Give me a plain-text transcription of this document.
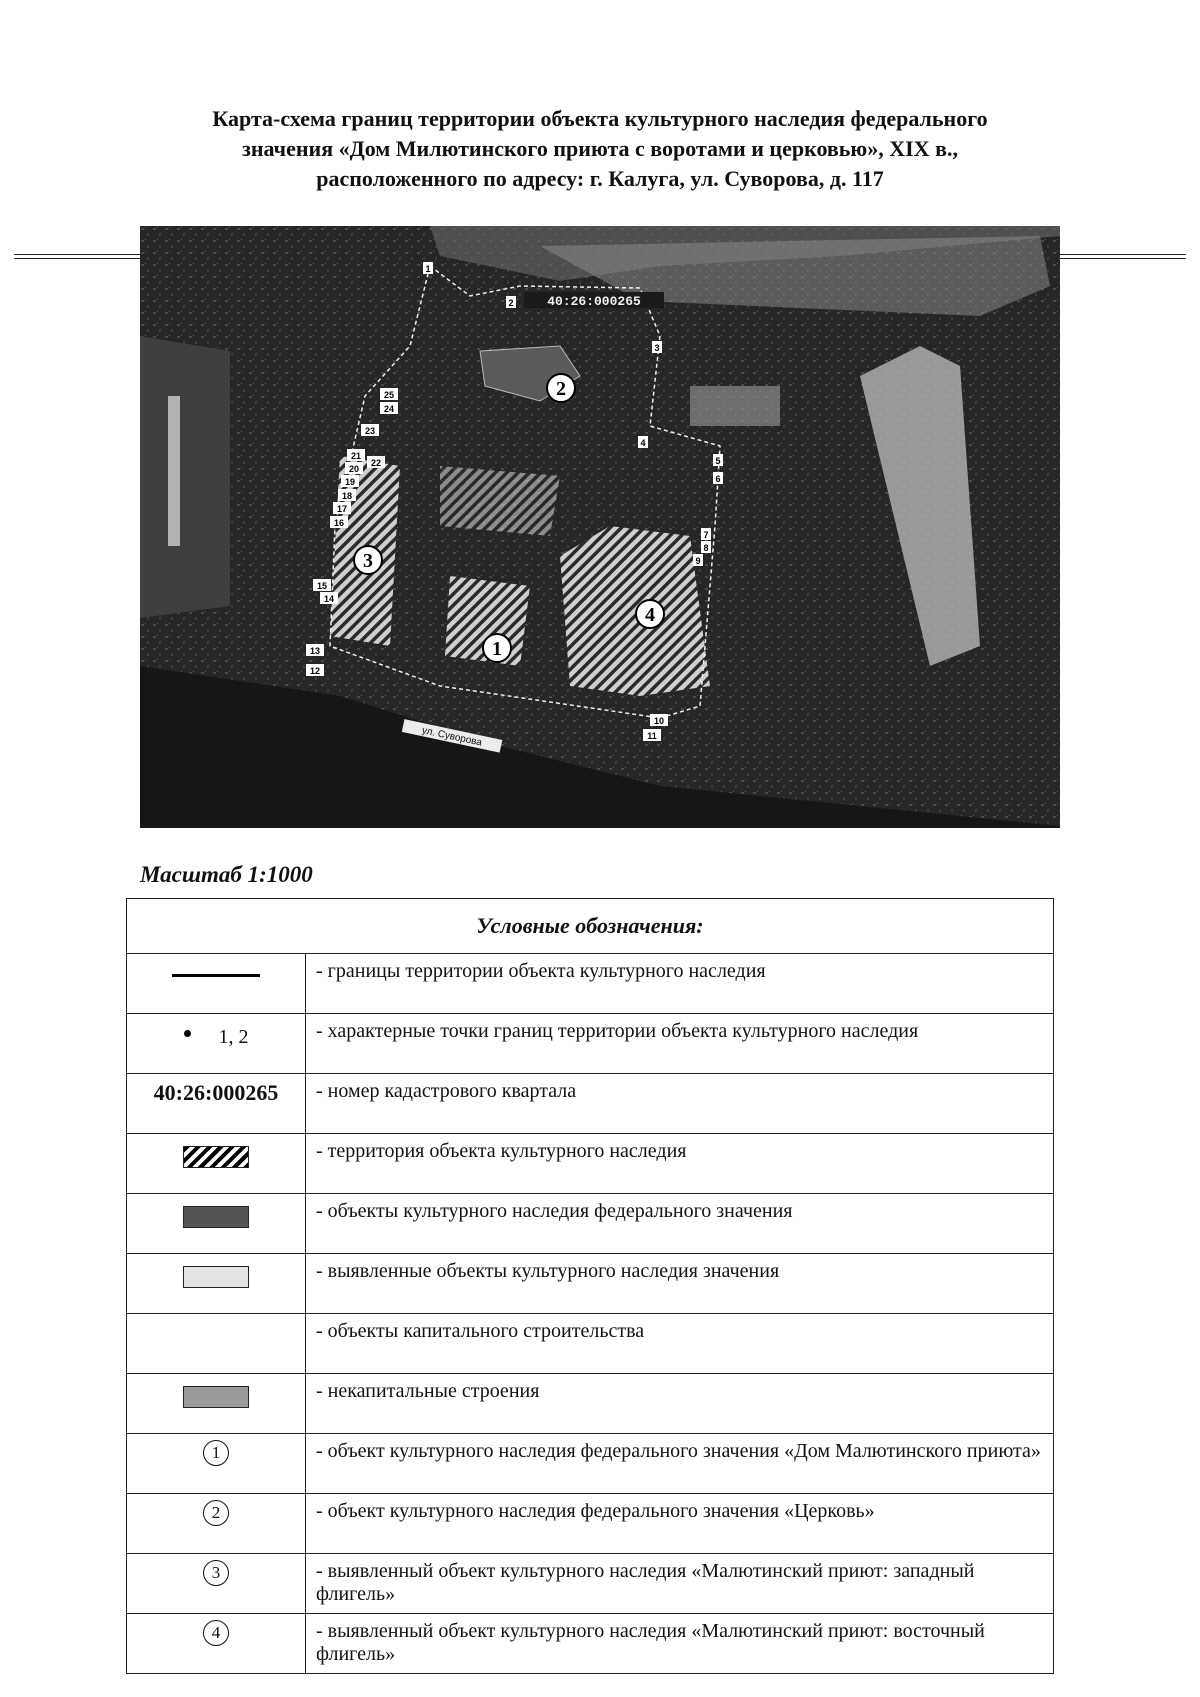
Карта-схема границ территории объекта культурного наследия федерального
значения «Дом Милютинского приюта с воротами и церковью», XIX в.,
расположенного по адресу: г. Калуга, ул. Суворова, д. 117
1
2
3
4
5
6
7
8
9
10
11
12
13
14
15
16
17
18
19
20
21
22
23
24
25
40:26:000265
ул. Суворова
2
3
1
4
Масштаб 1:1000
Условные обозначения:	
	- границы территории объекта культурного наследия

1, 2	- характерные точки границ территории объекта культурного наследия
40:26:000265	- номер кадастрового квартала
	- территория объекта культурного наследия
	- объекты культурного наследия федерального значения
	- выявленные объекты культурного наследия значения
	- объекты капитального строительства
	- некапитальные строения
1	- объект культурного наследия федерального значения «Дом Малютинского приюта»
2	- объект культурного наследия федерального значения «Церковь»
3	- выявленный объект культурного наследия «Малютинский приют: западный флигель»
4	- выявленный объект культурного наследия «Малютинский приют: восточный флигель»
